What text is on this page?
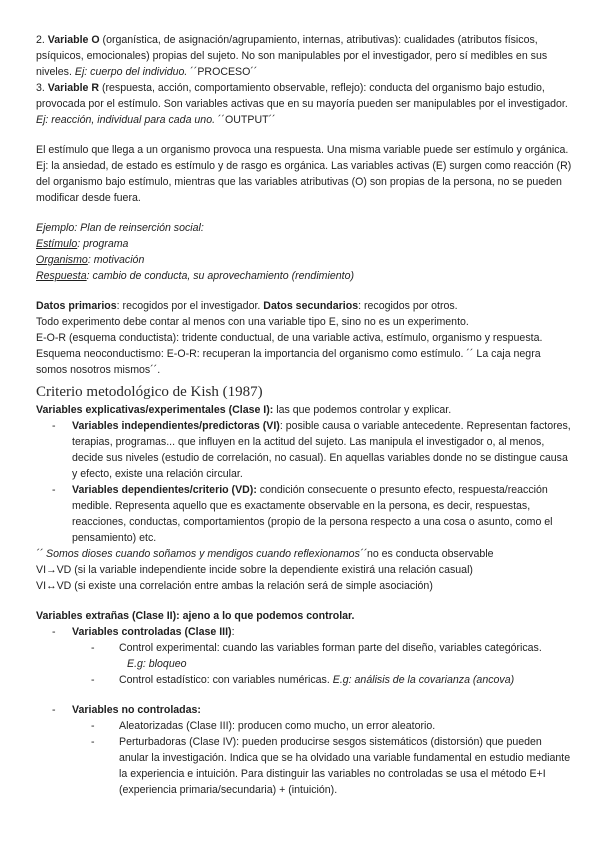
2. Variable O (organística, de asignación/agrupamiento, internas, atributivas): cualidades (atributos físicos, psíquicos, emocionales) propias del sujeto. No son manipulables por el investigador, pero sí medibles en sus niveles. Ej: cuerpo del individuo. ´´PROCESO´´

3. Variable R (respuesta, acción, comportamiento observable, reflejo): conducta del organismo bajo estudio, provocada por el estímulo. Son variables activas que en su mayoría pueden ser manipulables por el investigador. Ej: reacción, individual para cada uno. ´´OUTPUT´´

El estímulo que llega a un organismo provoca una respuesta. Una misma variable puede ser estímulo y orgánica. Ej: la ansiedad, de estado es estímulo y de rasgo es orgánica. Las variables activas (E) surgen como reacción (R) del organismo bajo estímulo, mientras que las variables atributivas (O) son propias de la persona, no se pueden modificar desde fuera.

Ejemplo: Plan de reinserción social:

Estímulo: programa

Organismo: motivación

Respuesta: cambio de conducta, su aprovechamiento (rendimiento)

Datos primarios: recogidos por el investigador. Datos secundarios: recogidos por otros.

Todo experimento debe contar al menos con una variable tipo E, sino no es un experimento.

E-O-R (esquema conductista): tridente conductual, de una variable activa, estímulo, organismo y respuesta.

Esquema neoconductismo: E-O-R: recuperan la importancia del organismo como estímulo. ´´ La caja negra somos nosotros mismos´´.

Criterio metodológico de Kish (1987)

Variables explicativas/experimentales (Clase I): las que podemos controlar y explicar.

- Variables independientes/predictoras (VI): posible causa o variable antecedente. Representan factores, terapias, programas... que influyen en la actitud del sujeto. Las manipula el investigador o, al menos, decide sus niveles (estudio de correlación, no casual). En aquellas variables donde no se distingue causa y efecto, existe una relación circular.

- Variables dependientes/criterio (VD): condición consecuente o presunto efecto, respuesta/reacción medible. Representa aquello que es exactamente observable en la persona, es decir, respuestas, reacciones, conductas, comportamientos (propio de la persona respecto a una cosa o asunto, como el pensamiento) etc.

´´ Somos dioses cuando soñamos y mendigos cuando reflexionamos´´no es conducta observable

VI→VD (si la variable independiente incide sobre la dependiente existirá una relación casual)

VI↔VD (si existe una correlación entre ambas la relación será de simple asociación)

Variables extrañas (Clase II): ajeno a lo que podemos controlar.

- Variables controladas (Clase III):

- Control experimental: cuando las variables forman parte del diseño, variables categóricas.

E.g: bloqueo

- Control estadístico: con variables numéricas. E.g: análisis de la covarianza (ancova)

- Variables no controladas:

- Aleatorizadas (Clase III): producen como mucho, un error aleatorio.

- Perturbadoras (Clase IV): pueden producirse sesgos sistemáticos (distorsión) que pueden anular la investigación. Indica que se ha olvidado una variable fundamental en estudio mediante la experiencia e intuición. Para distinguir las variables no controladas se usa el método E+I (experiencia primaria/secundaria) + (intuición).
